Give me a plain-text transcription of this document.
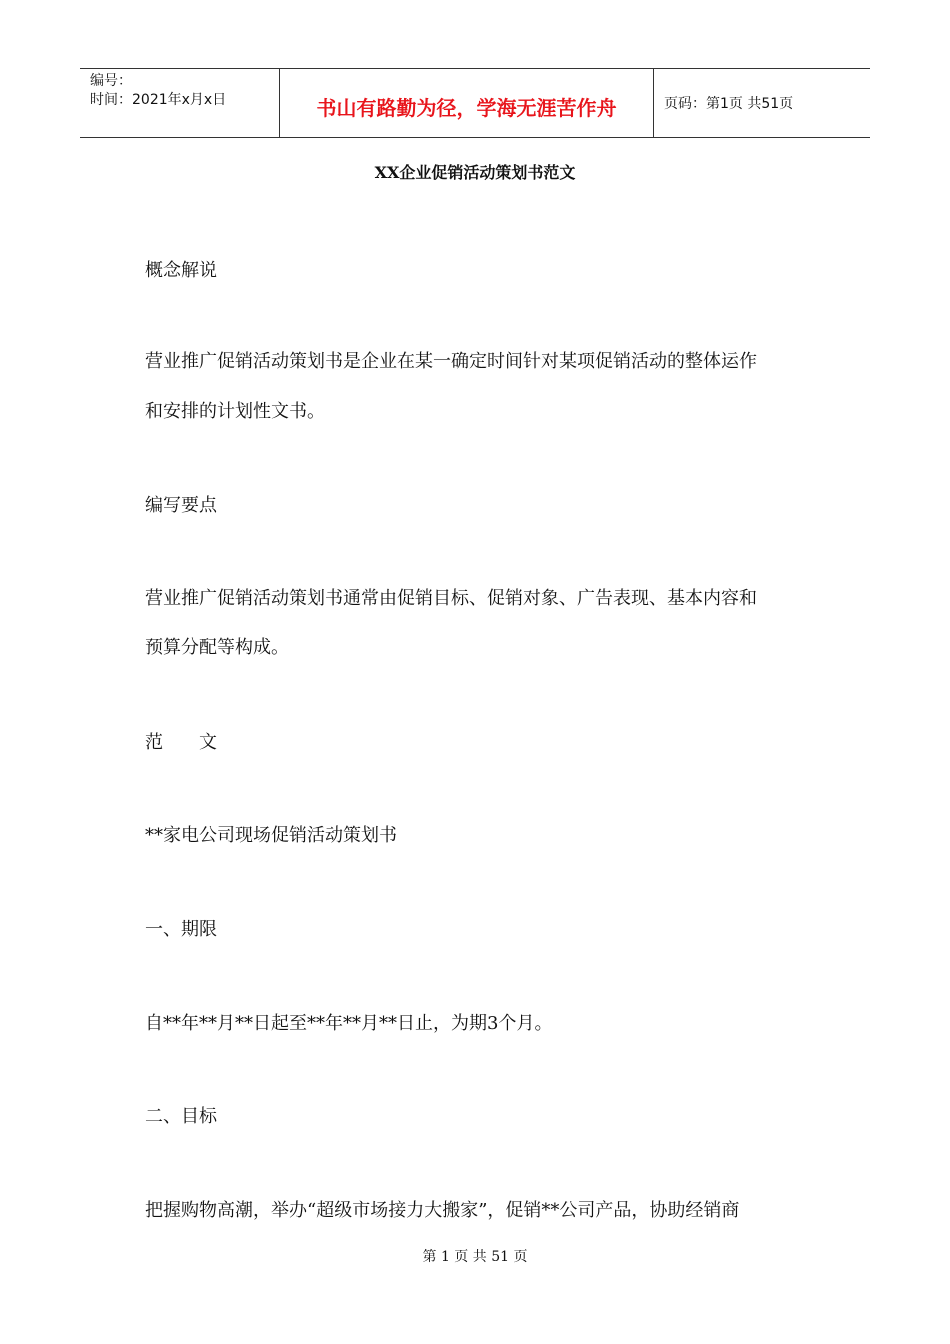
编号：
时间：2021年x月x日	书山有路勤为径，学海无涯苦作舟	页码：第1页 共51页
XX企业促销活动策划书范文
概念解说
营业推广促销活动策划书是企业在某一确定时间针对某项促销活动的整体运作
和安排的计划性文书。
编写要点
营业推广促销活动策划书通常由促销目标、促销对象、广告表现、基本内容和
预算分配等构成。
范　　文
**家电公司现场促销活动策划书
一、期限
自**年**月**日起至**年**月**日止，为期3个月。
二、目标
把握购物高潮，举办“超级市场接力大搬家”，促销**公司产品，协助经销商
第 1 页 共 51 页
